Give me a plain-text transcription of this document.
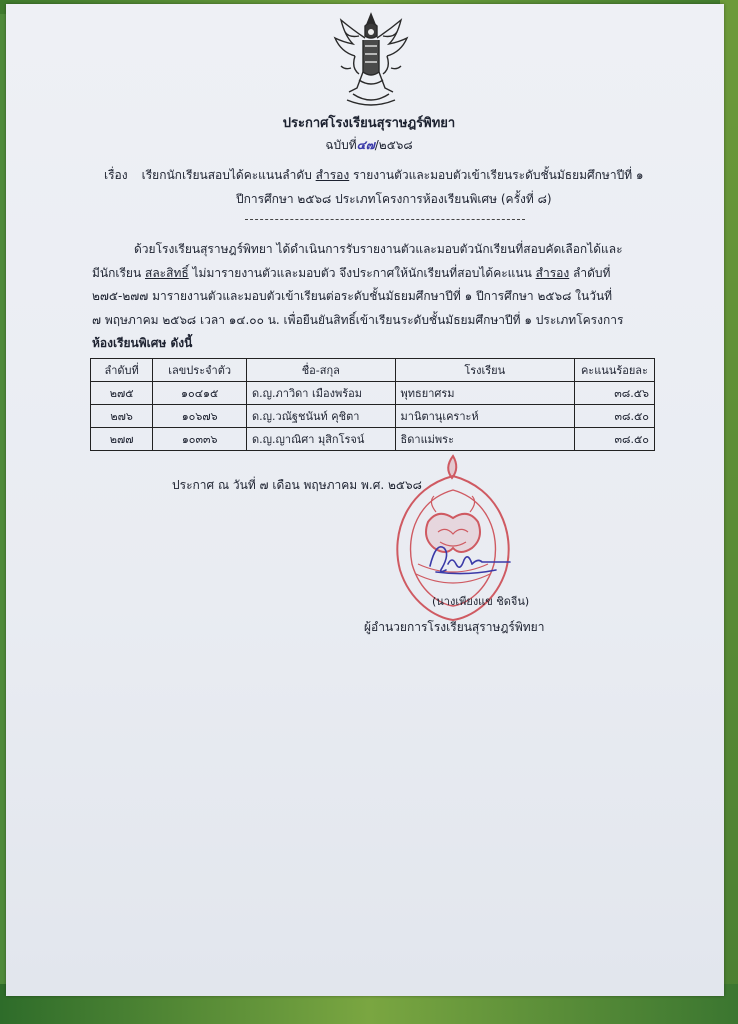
ประกาศโรงเรียนสุราษฎร์พิทยา
ฉบับที่๔๗/๒๕๖๘
เรื่อง เรียกนักเรียนสอบได้คะแนนลำดับ สำรอง รายงานตัวและมอบตัวเข้าเรียนระดับชั้นมัธยมศึกษาปีที่ ๑
ปีการศึกษา ๒๕๖๘ ประเภทโครงการห้องเรียนพิเศษ (ครั้งที่ ๘)
ด้วยโรงเรียนสุราษฎร์พิทยา ได้ดำเนินการรับรายงานตัวและมอบตัวนักเรียนที่สอบคัดเลือกได้และ
มีนักเรียน สละสิทธิ์ ไม่มารายงานตัวและมอบตัว จึงประกาศให้นักเรียนที่สอบได้คะแนน สำรอง ลำดับที่
๒๗๕-๒๗๗ มารายงานตัวและมอบตัวเข้าเรียนต่อระดับชั้นมัธยมศึกษาปีที่ ๑ ปีการศึกษา ๒๕๖๘ ในวันที่
๗ พฤษภาคม ๒๕๖๘ เวลา ๑๔.๐๐ น. เพื่อยืนยันสิทธิ์เข้าเรียนระดับชั้นมัธยมศึกษาปีที่ ๑ ประเภทโครงการ
ห้องเรียนพิเศษ ดังนี้
ลำดับที่	เลขประจำตัว	ชื่อ-สกุล	โรงเรียน	คะแนนร้อยละ
๒๗๕	๑๐๔๑๕	ด.ญ.ภาวิดา เมืองพร้อม	พุทธยาศรม	๓๘.๕๖
๒๗๖	๑๐๖๗๖	ด.ญ.วณัฐชนันท์ คุชิตา	มานิตานุเคราะห์	๓๘.๕๐
๒๗๗	๑๐๓๓๖	ด.ญ.ญาณิศา มุสิกโรจน์	ธิดาแม่พระ	๓๘.๕๐
ประกาศ ณ วันที่ ๗ เดือน พฤษภาคม พ.ศ. ๒๕๖๘
(นางเพียงแข ชิดจีน)
ผู้อำนวยการโรงเรียนสุราษฎร์พิทยา
